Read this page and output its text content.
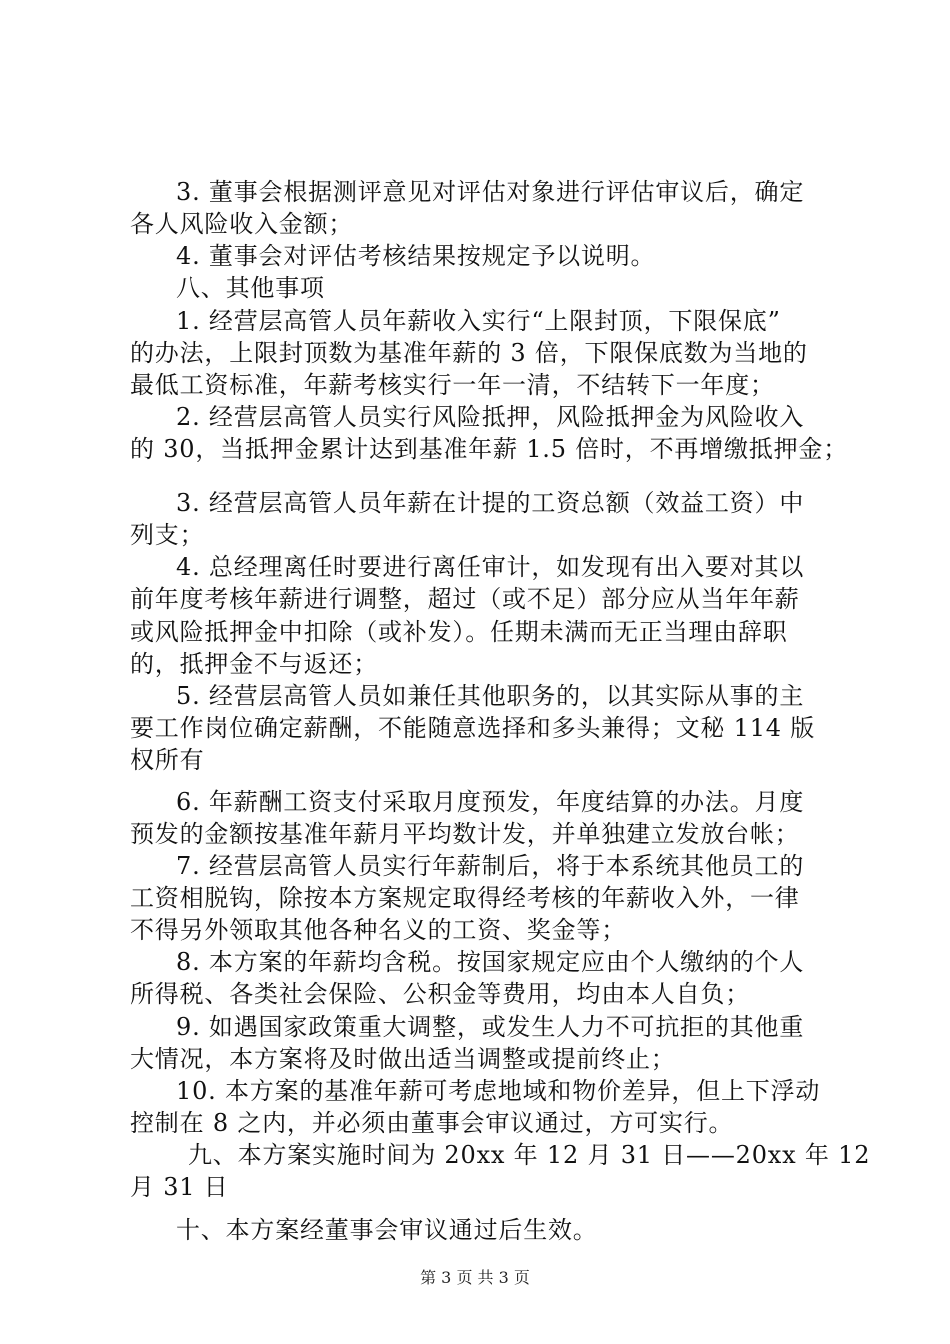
3. 董事会根据测评意见对评估对象进行评估审议后，确定
各人风险收入金额；
4. 董事会对评估考核结果按规定予以说明。
八、其他事项
1. 经营层高管人员年薪收入实行“上限封顶，下限保底”
的办法，上限封顶数为基准年薪的 3 倍，下限保底数为当地的
最低工资标准，年薪考核实行一年一清，不结转下一年度；
2. 经营层高管人员实行风险抵押，风险抵押金为风险收入
的 30，当抵押金累计达到基准年薪 1.5 倍时，不再增缴抵押金；
3. 经营层高管人员年薪在计提的工资总额（效益工资）中
列支；
4. 总经理离任时要进行离任审计，如发现有出入要对其以
前年度考核年薪进行调整，超过（或不足）部分应从当年年薪
或风险抵押金中扣除（或补发）。任期未满而无正当理由辞职
的，抵押金不与返还；
5. 经营层高管人员如兼任其他职务的，以其实际从事的主
要工作岗位确定薪酬，不能随意选择和多头兼得；文秘 114 版
权所有
6. 年薪酬工资支付采取月度预发，年度结算的办法。月度
预发的金额按基准年薪月平均数计发，并单独建立发放台帐；
7. 经营层高管人员实行年薪制后，将于本系统其他员工的
工资相脱钩，除按本方案规定取得经考核的年薪收入外，一律
不得另外领取其他各种名义的工资、奖金等；
8. 本方案的年薪均含税。按国家规定应由个人缴纳的个人
所得税、各类社会保险、公积金等费用，均由本人自负；
9. 如遇国家政策重大调整，或发生人力不可抗拒的其他重
大情况，本方案将及时做出适当调整或提前终止；
10. 本方案的基准年薪可考虑地域和物价差异，但上下浮动
控制在 8 之内，并必须由董事会审议通过，方可实行。
九、本方案实施时间为 20xx 年 12 月 31 日——20xx 年 12
月 31 日
十、本方案经董事会审议通过后生效。
第 3 页 共 3 页
